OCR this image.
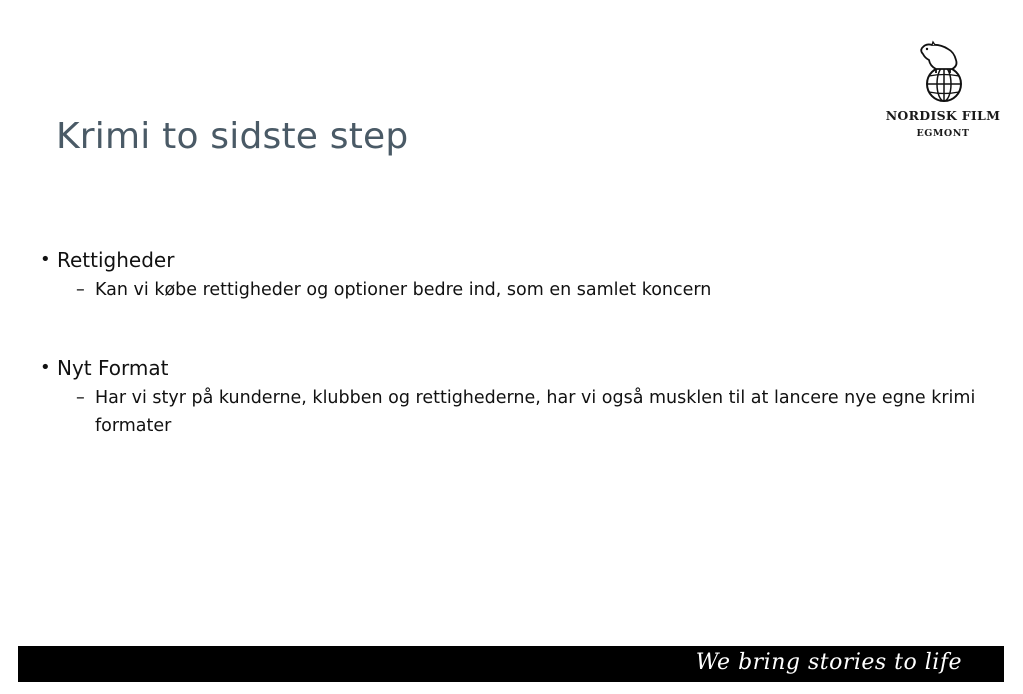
Krimi to sidste step
NORDISK FILM
EGMONT
• Rettigheder
– Kan vi købe rettigheder og optioner bedre ind, som en samlet koncern
• Nyt Format
– Har vi styr på kunderne, klubben og rettighederne, har vi også musklen til at lancere nye egne krimi formater
We bring stories to life
